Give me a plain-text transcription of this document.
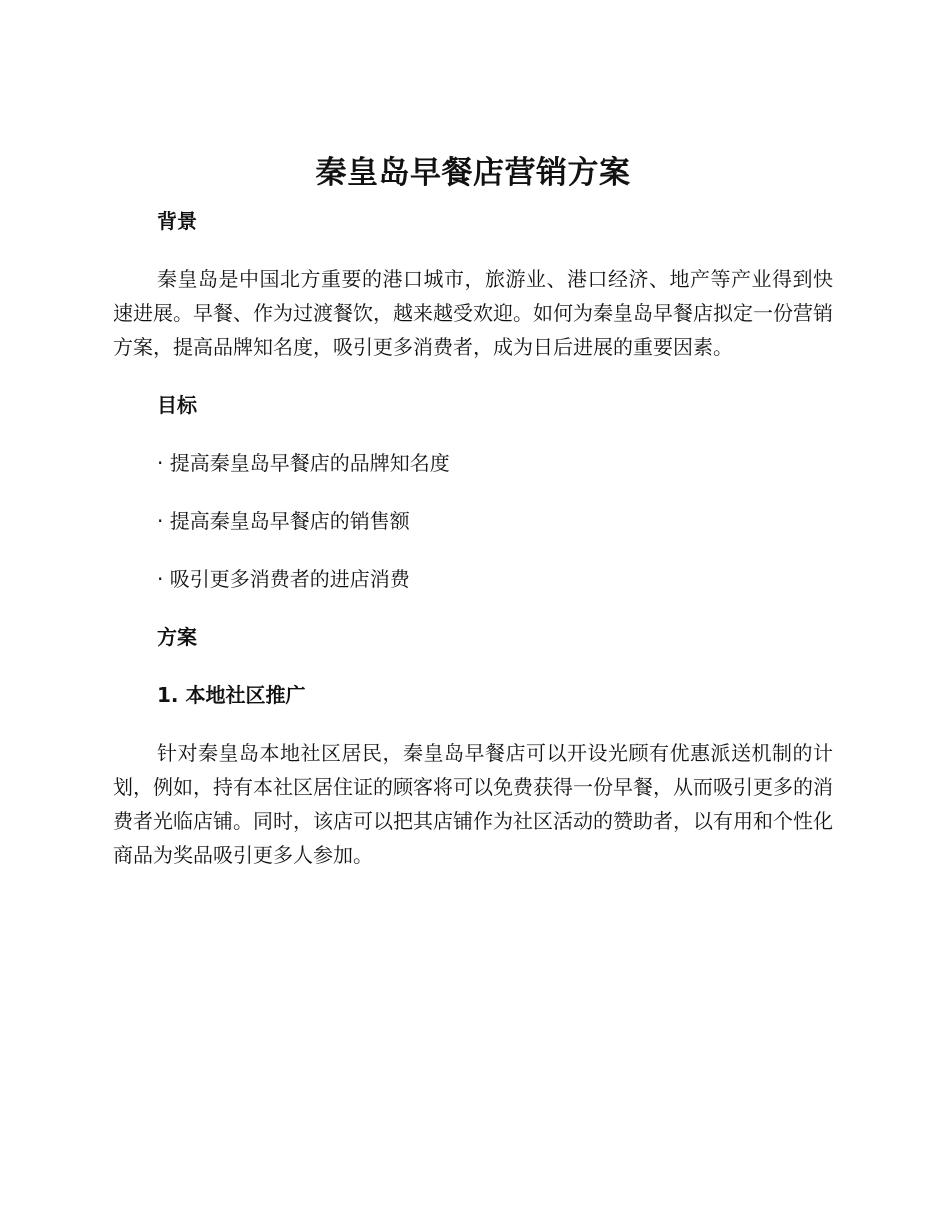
秦皇岛早餐店营销方案
背景

秦皇岛是中国北方重要的港口城市，旅游业、港口经济、地产等产业得到快速进展。早餐、作为过渡餐饮，越来越受欢迎。如何为秦皇岛早餐店拟定一份营销方案，提高品牌知名度，吸引更多消费者，成为日后进展的重要因素。

目标
· 提高秦皇岛早餐店的品牌知名度
· 提高秦皇岛早餐店的销售额
· 吸引更多消费者的进店消费
方案
1. 本地社区推广

针对秦皇岛本地社区居民，秦皇岛早餐店可以开设光顾有优惠派送机制的计划，例如，持有本社区居住证的顾客将可以免费获得一份早餐，从而吸引更多的消费者光临店铺。同时，该店可以把其店铺作为社区活动的赞助者，以有用和个性化商品为奖品吸引更多人参加。
